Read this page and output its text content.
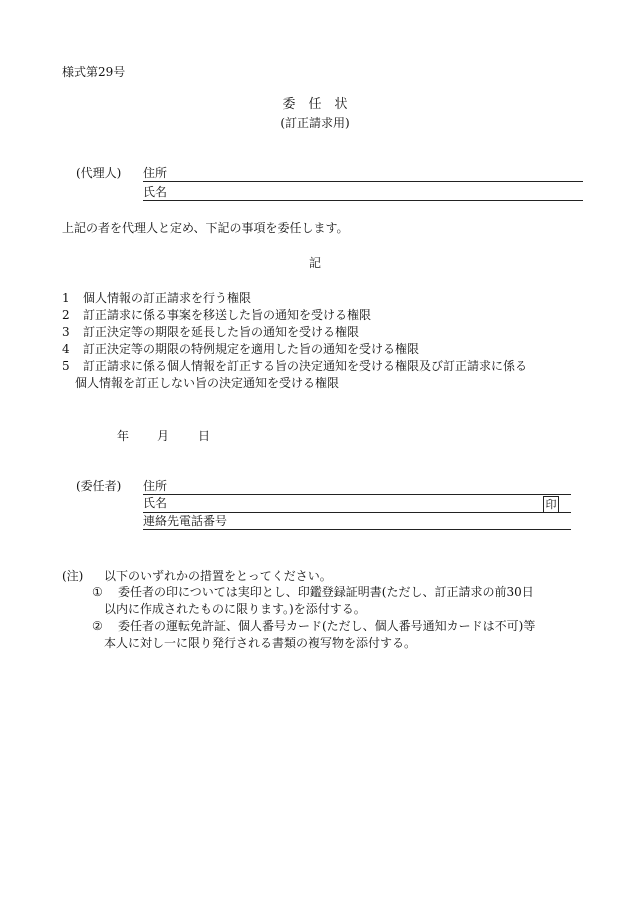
様式第29号
委　任　状
(訂正請求用)
(代理人) 住所
氏名
上記の者を代理人と定め、下記の事項を委任します。
記
1 個人情報の訂正請求を行う権限
2 訂正請求に係る事案を移送した旨の通知を受ける権限
3 訂正決定等の期限を延長した旨の通知を受ける権限
4 訂正決定等の期限の特例規定を適用した旨の通知を受ける権限
5 訂正請求に係る個人情報を訂正する旨の決定通知を受ける権限及び訂正請求に係る
個人情報を訂正しない旨の決定通知を受ける権限
年 月 日
(委任者) 住所
氏名	印
連絡先電話番号
(注) 以下のいずれかの措置をとってください。
① 委任者の印については実印とし、印鑑登録証明書(ただし、訂正請求の前30日
以内に作成されたものに限ります。)を添付する。
② 委任者の運転免許証、個人番号カード(ただし、個人番号通知カードは不可)等
本人に対し一に限り発行される書類の複写物を添付する。
